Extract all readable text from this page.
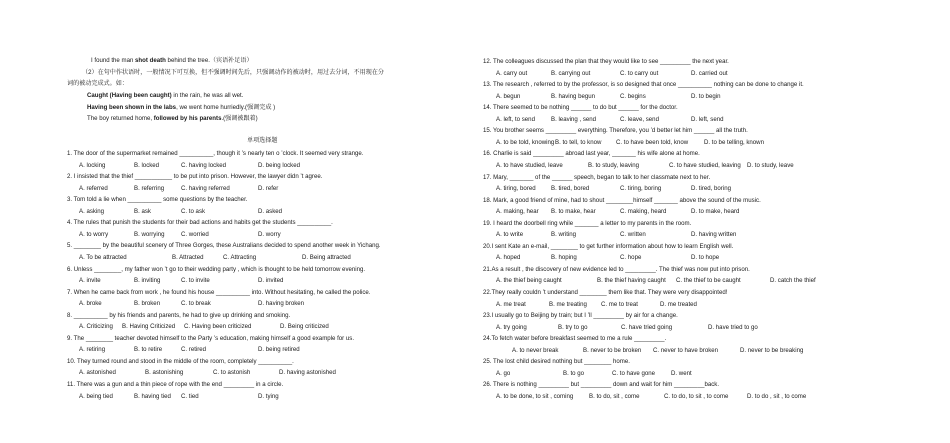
I found the man shot death behind the tree.（宾语补足语）
（2）在句中作状语时，一般情况下可互换，但不强调时间先后，只强调动作的被动时，用过去分词，不用现在分
词的被动完成式。如：
Caught (Having been caught) in the rain, he was all wet.
Having been shown in the labs, we went home hurriedly.(强调完成 )
The boy returned home, followed by his parents.(强调被跟着)
单项选择题
1. The door of the supermarket remained __________, though it ’s nearly ten o ’clock. It seemed very strange.
A. locking	B. locked	C. having locked	D. being locked
2. I insisted that the thief ___________ to be put into prison. However, the lawyer didn ’t agree.
A. referred	B. referring	C. having referred	D. refer
3. Tom told a lie when __________ some questions by the teacher.
A. asking	B. ask	C. to ask	D. asked
4. The rules that punish the students for their bad actions and habits get the students __________.
A. to worry	B. worrying	C. worried	D. worry
5. ________ by the beautiful scenery of Three Gorges, these Australians decided to spend another week in Yichang.
A. To be attracted	B. Attracted	C. Attracting	D. Being attracted
6. Unless ________, my father won ’t go to their wedding party , which is thought to be held tomorrow evening.
A. invite	B. inviting	C. to invite	D. invited
7. When he came back from work , he found his house __________ into. Without hesitating, he called the police.
A. broke	B. broken	C. to break	D. having broken
8. __________ by his friends and parents, he had to give up drinking and smoking.
A. Criticizing B. Having Criticized C. Having been criticized	D. Being criticized
9. The ________ teacher devoted himself to the Party ’s education, making himself a good example for us.
A. retiring	B. to retire	C. retired	D. being retired
10. They turned round and stood in the middle of the room, completely __________.
A. astonished	B. astonishing	C. to astonish	D. having astonished
11. There was a gun and a thin piece of rope with the end _________ in a circle.
A. being tied	B. having tied C. tied	D. tying
12. The colleagues discussed the plan that they would like to see _________ the next year.
A. carry out	B. carrying out	C. to carry out	D. carried out
13. The research , referred to by the professor, is so designed that once __________ nothing can be done to change it.
A. begun	B. having begun	C. begins	D. to begin
14. There seemed to be nothing ______ to do but ______ for the doctor.
A. left, to send	B. leaving , send	C. leave, send	D. left, send
15. You brother seems _________ everything. Therefore, you ’d better let him ______ all the truth.
A. to be told, knowing B. to tell, to know C. to have been told, know	D. to be telling, known
16. Charlie is said _________ abroad last year, _______ his wife alone at home.
A. to have studied, leave	B. to study, leaving	C. to have studied, leaving D. to study, leave
17. Mary, _______ of the ______ speech, began to talk to her classmate next to her.
A. tiring, bored	B. tired, bored	C. tiring, boring	D. tired, boring
18. Mark, a good friend of mine, had to shout ________himself _______ above the sound of the music.
A. making, hear B. to make, hear	C. making, heard	D. to make, heard
19. I heard the doorbell ring while _______ a letter to my parents in the room.
A. to write	B. writing	C. written	D. having written
20.I sent Kate an e-mail, ________ to get further information about how to learn English well.
A. hoped	B. hoping	C. hope	D. to hope
21.As a result , the discovery of new evidence led to _________. The thief was now put into prison.
A. the thief being caught	B. the thief having caught C. the thief to be caught	D. catch the thief
22.They really couldn ’t understand ________ them like that. They were very disappointed!
A. me treat	B. me treating C. me to treat	D. me treated
23.I usually go to Beijing by train; but I ’ll _________ by air for a change.
A. try going	B. try to go	C. have tried going	D. have tried to go
24.To fetch water before breakfast seemed to me a rule _________.
A. to never break	B. never to be broken C. never to have broken	D. never to be breaking
25. The lost child desired nothing but ________ home.
A. go	B. to go	C. to have gone	D. went
26. There is nothing _________ but _________ down and wait for him _________back.
A. to be done, to sit , coming	B. to do, sit , come	C. to do, to sit , to come	D. to do , sit , to come
